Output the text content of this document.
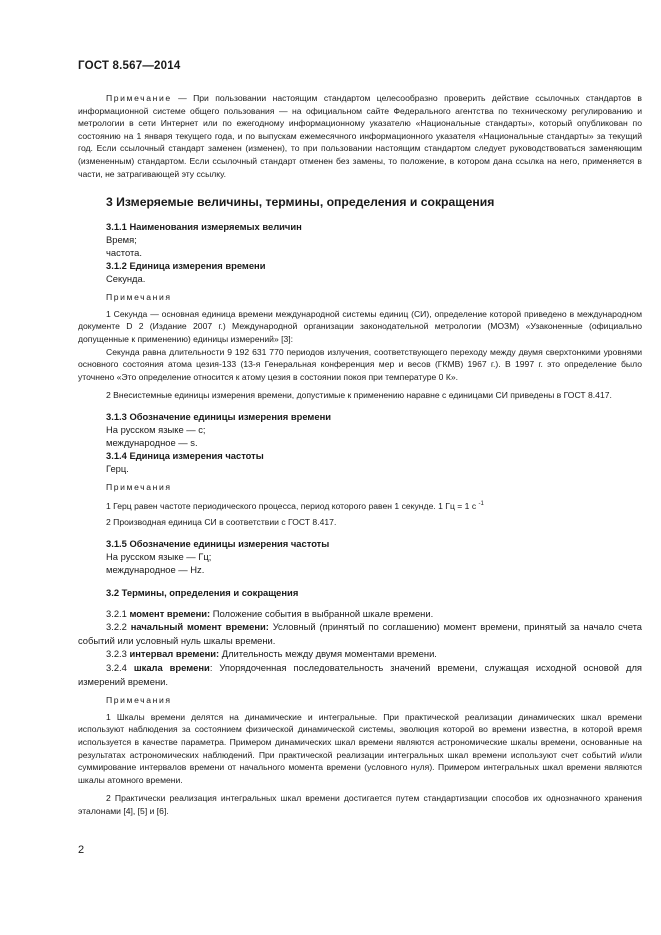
ГОСТ 8.567—2014

Примечание — При пользовании настоящим стандартом целесообразно проверить действие ссылочных стандартов в информационной системе общего пользования — на официальном сайте Федерального агентства по техническому регулированию и метрологии в сети Интернет или по ежегодному информационному указателю «Национальные стандарты», который опубликован по состоянию на 1 января текущего года, и по выпускам ежемесячного информационного указателя «Национальные стандарты» за текущий год. Если ссылочный стандарт заменен (изменен), то при пользовании настоящим стандартом следует руководствоваться заменяющим (измененным) стандартом. Если ссылочный стандарт отменен без замены, то положение, в котором дана ссылка на него, применяется в части, не затрагивающей эту ссылку.

3 Измеряемые величины, термины, определения и сокращения

3.1.1 Наименования измеряемых величин

Время;

частота.

3.1.2 Единица измерения времени

Секунда.

Примечания

1 Секунда — основная единица времени международной системы единиц (СИ), определение которой приведено в международном документе D 2 (Издание 2007 г.) Международной организации законодательной метрологии (МОЗМ) «Узаконенные (официально допущенные к применению) единицы измерений» [3]:

Секунда равна длительности 9 192 631 770 периодов излучения, соответствующего переходу между двумя сверхтонкими уровнями основного состояния атома цезия-133 (13-я Генеральная конференция мер и весов (ГКМВ) 1967 г.). В 1997 г. это определение было уточнено «Это определение относится к атому цезия в состоянии покоя при температуре 0 К».

2 Внесистемные единицы измерения времени, допустимые к применению наравне с единицами СИ приведены в ГОСТ 8.417.

3.1.3 Обозначение единицы измерения времени

На русском языке — с;

международное — s.

3.1.4 Единица измерения частоты

Герц.

Примечания

1 Герц равен частоте периодического процесса, период которого равен 1 секунде. 1 Гц = 1 с $^{-1}$

2 Производная единица СИ в соответствии с ГОСТ 8.417.

3.1.5 Обозначение единицы измерения частоты

На русском языке — Гц;

международное — Hz.

3.2 Термины, определения и сокращения

3.2.1 момент времени: Положение события в выбранной шкале времени.

3.2.2 начальный момент времени: Условный (принятый по соглашению) момент времени, принятый за начало счета событий или условный нуль шкалы времени.

3.2.3 интервал времени: Длительность между двумя моментами времени.

3.2.4 шкала времени: Упорядоченная последовательность значений времени, служащая исходной основой для измерений времени.

Примечания

1 Шкалы времени делятся на динамические и интегральные. При практической реализации динамических шкал времени используют наблюдения за состоянием физической динамической системы, эволюция которой во времени известна, в которой время используется в качестве параметра. Примером динамических шкал времени являются астрономические шкалы времени, основанные на результатах астрономических наблюдений. При практической реализации интегральных шкал времени используют счет событий и/или суммирование интервалов времени от начального момента времени (условного нуля). Примером интегральных шкал времени являются шкалы атомного времени.

2 Практически реализация интегральных шкал времени достигается путем стандартизации способов их однозначного хранения эталонами [4], [5] и [6].

2
